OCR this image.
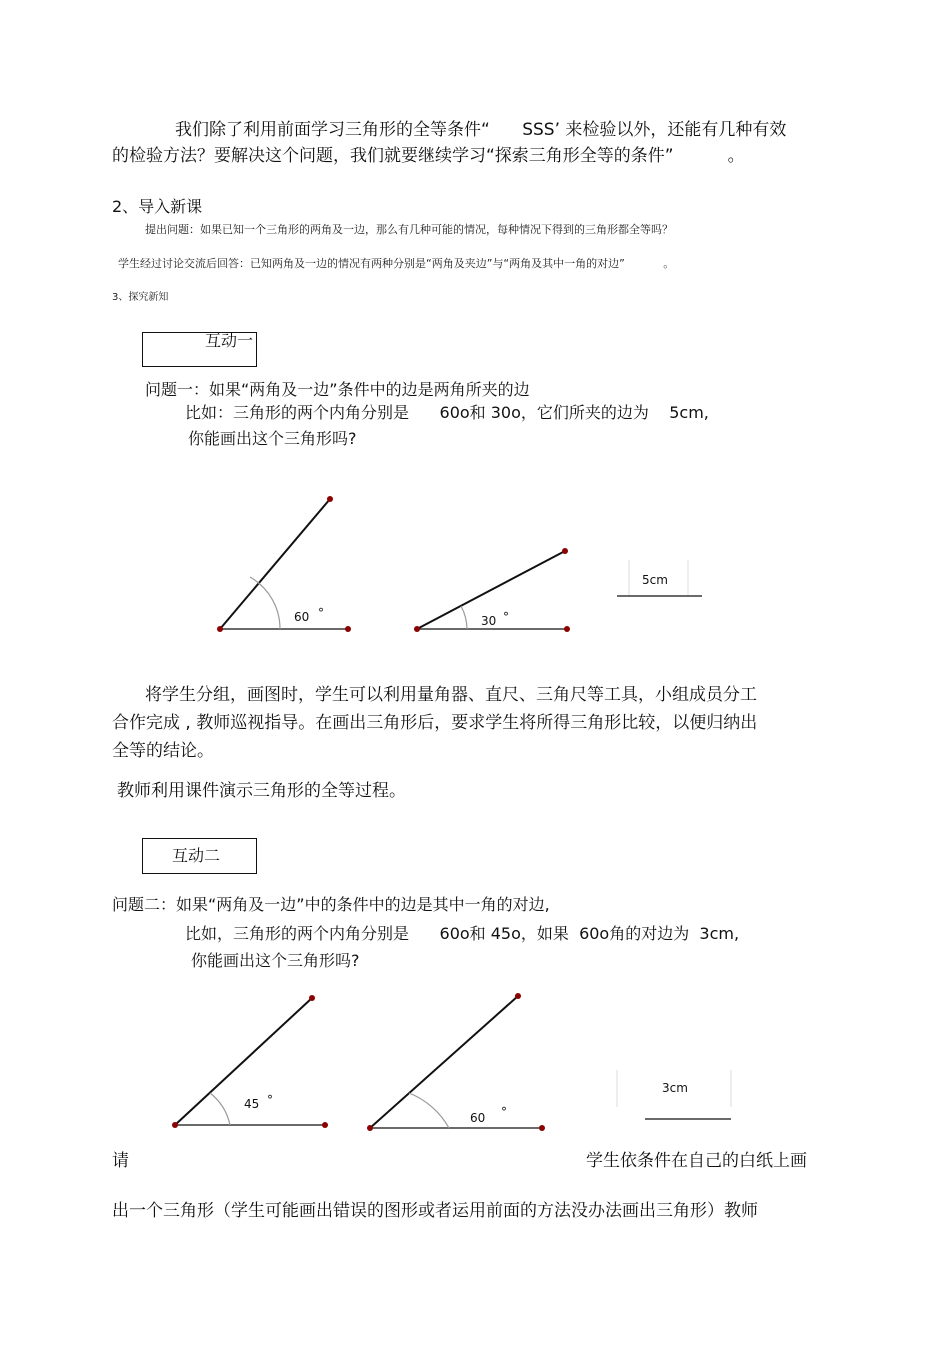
我们除了利用前面学习三角形的全等条件“      SSS’ 来检验以外，还能有几种有效
的检验方法？要解决这个问题，我们就要继续学习“探索三角形全等的条件”          。
2、导入新课
提出问题：如果已知一个三角形的两角及一边，那么有几种可能的情况，每种情况下得到的三角形都全等吗？
学生经过讨论交流后回答：已知两角及一边的情况有两种分别是“两角及夹边”与“两角及其中一角的对边”           。
3、探究新知
互动一
问题一：如果“两角及一边”条件中的边是两角所夹的边
比如：三角形的两个内角分别是      60o和 30o，它们所夹的边为    5cm,
你能画出这个三角形吗?
60 °
30 °
5cm
将学生分组，画图时，学生可以利用量角器、直尺、三角尺等工具，小组成员分工
合作完成 , 教师巡视指导。在画出三角形后，要求学生将所得三角形比较，以便归纳出
全等的结论。
教师利用课件演示三角形的全等过程。
互动二
问题二：如果“两角及一边”中的条件中的边是其中一角的对边,
比如，三角形的两个内角分别是      60o和 45o，如果  60o角的对边为  3cm,
你能画出这个三角形吗?
45 °
60 °
3cm
请	学生依条件在自己的白纸上画
出一个三角形（学生可能画出错误的图形或者运用前面的方法没办法画出三角形）教师
